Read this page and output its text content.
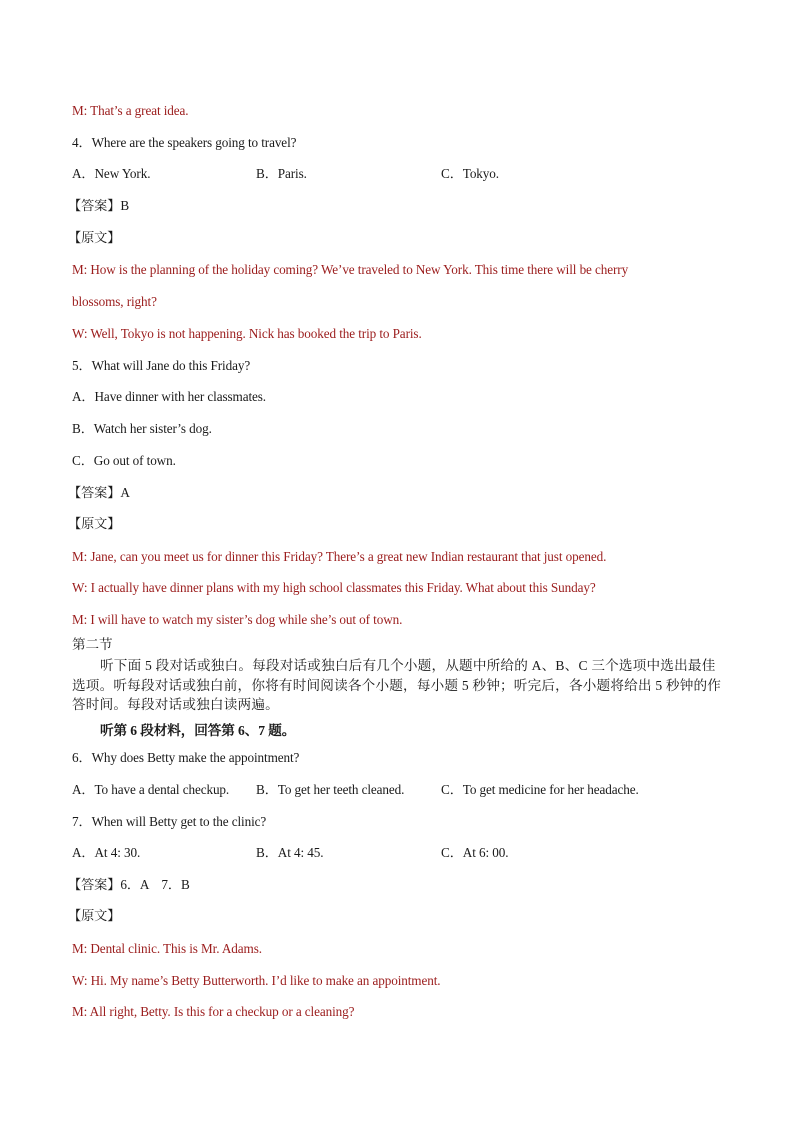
M: That’s a great idea.
4．Where are the speakers going to travel?
A．New York.	B．Paris.	C．Tokyo.
【答案】B
【原文】
M: How is the planning of the holiday coming? We’ve traveled to New York. This time there will be cherry
blossoms, right?
W: Well, Tokyo is not happening. Nick has booked the trip to Paris.
5．What will Jane do this Friday?
A．Have dinner with her classmates.
B．Watch her sister’s dog.
C．Go out of town.
【答案】A
【原文】
M: Jane, can you meet us for dinner this Friday? There’s a great new Indian restaurant that just opened.
W: I actually have dinner plans with my high school classmates this Friday. What about this Sunday?
M: I will have to watch my sister’s dog while she’s out of town.
第二节
听下面 5 段对话或独白。每段对话或独白后有几个小题，从题中所给的 A、B、C 三个选项中选出最佳选项。听每段对话或独白前，你将有时间阅读各个小题，每小题 5 秒钟；听完后，各小题将给出 5 秒钟的作答时间。每段对话或独白读两遍。
听第 6 段材料，回答第 6、7 题。
6．Why does Betty make the appointment?
A．To have a dental checkup. B．To get her teeth cleaned.	C．To get medicine for her headache.
7．When will Betty get to the clinic?
A．At 4: 30.	B．At 4: 45.	C．At 6: 00.
【答案】6．A    7．B
【原文】
M: Dental clinic. This is Mr. Adams.
W: Hi. My name’s Betty Butterworth. I’d like to make an appointment.
M: All right, Betty. Is this for a checkup or a cleaning?
